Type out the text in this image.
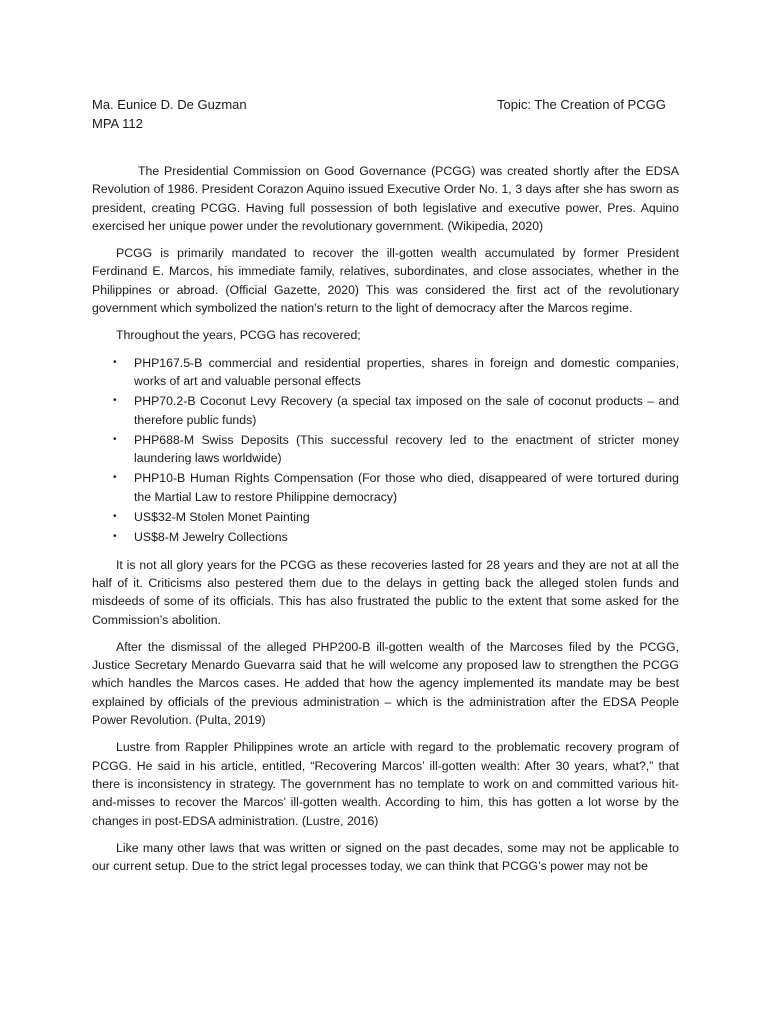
Ma. Eunice D. De Guzman
MPA 112
Topic: The Creation of PCGG

The Presidential Commission on Good Governance (PCGG) was created shortly after the EDSA Revolution of 1986. President Corazon Aquino issued Executive Order No. 1, 3 days after she has sworn as president, creating PCGG. Having full possession of both legislative and executive power, Pres. Aquino exercised her unique power under the revolutionary government. (Wikipedia, 2020)

PCGG is primarily mandated to recover the ill-gotten wealth accumulated by former President Ferdinand E. Marcos, his immediate family, relatives, subordinates, and close associates, whether in the Philippines or abroad. (Official Gazette, 2020) This was considered the first act of the revolutionary government which symbolized the nation’s return to the light of democracy after the Marcos regime.

Throughout the years, PCGG has recovered;

• PHP167.5-B commercial and residential properties, shares in foreign and domestic companies, works of art and valuable personal effects
• PHP70.2-B Coconut Levy Recovery (a special tax imposed on the sale of coconut products – and therefore public funds)
• PHP688-M Swiss Deposits (This successful recovery led to the enactment of stricter money laundering laws worldwide)
• PHP10-B Human Rights Compensation (For those who died, disappeared of were tortured during the Martial Law to restore Philippine democracy)
• US$32-M Stolen Monet Painting
• US$8-M Jewelry Collections

It is not all glory years for the PCGG as these recoveries lasted for 28 years and they are not at all the half of it. Criticisms also pestered them due to the delays in getting back the alleged stolen funds and misdeeds of some of its officials. This has also frustrated the public to the extent that some asked for the Commission’s abolition.

After the dismissal of the alleged PHP200-B ill-gotten wealth of the Marcoses filed by the PCGG, Justice Secretary Menardo Guevarra said that he will welcome any proposed law to strengthen the PCGG which handles the Marcos cases. He added that how the agency implemented its mandate may be best explained by officials of the previous administration – which is the administration after the EDSA People Power Revolution. (Pulta, 2019)

Lustre from Rappler Philippines wrote an article with regard to the problematic recovery program of PCGG. He said in his article, entitled, “Recovering Marcos’ ill-gotten wealth: After 30 years, what?,” that there is inconsistency in strategy. The government has no template to work on and committed various hit-and-misses to recover the Marcos’ ill-gotten wealth. According to him, this has gotten a lot worse by the changes in post-EDSA administration. (Lustre, 2016)

Like many other laws that was written or signed on the past decades, some may not be applicable to our current setup. Due to the strict legal processes today, we can think that PCGG’s power may not be
